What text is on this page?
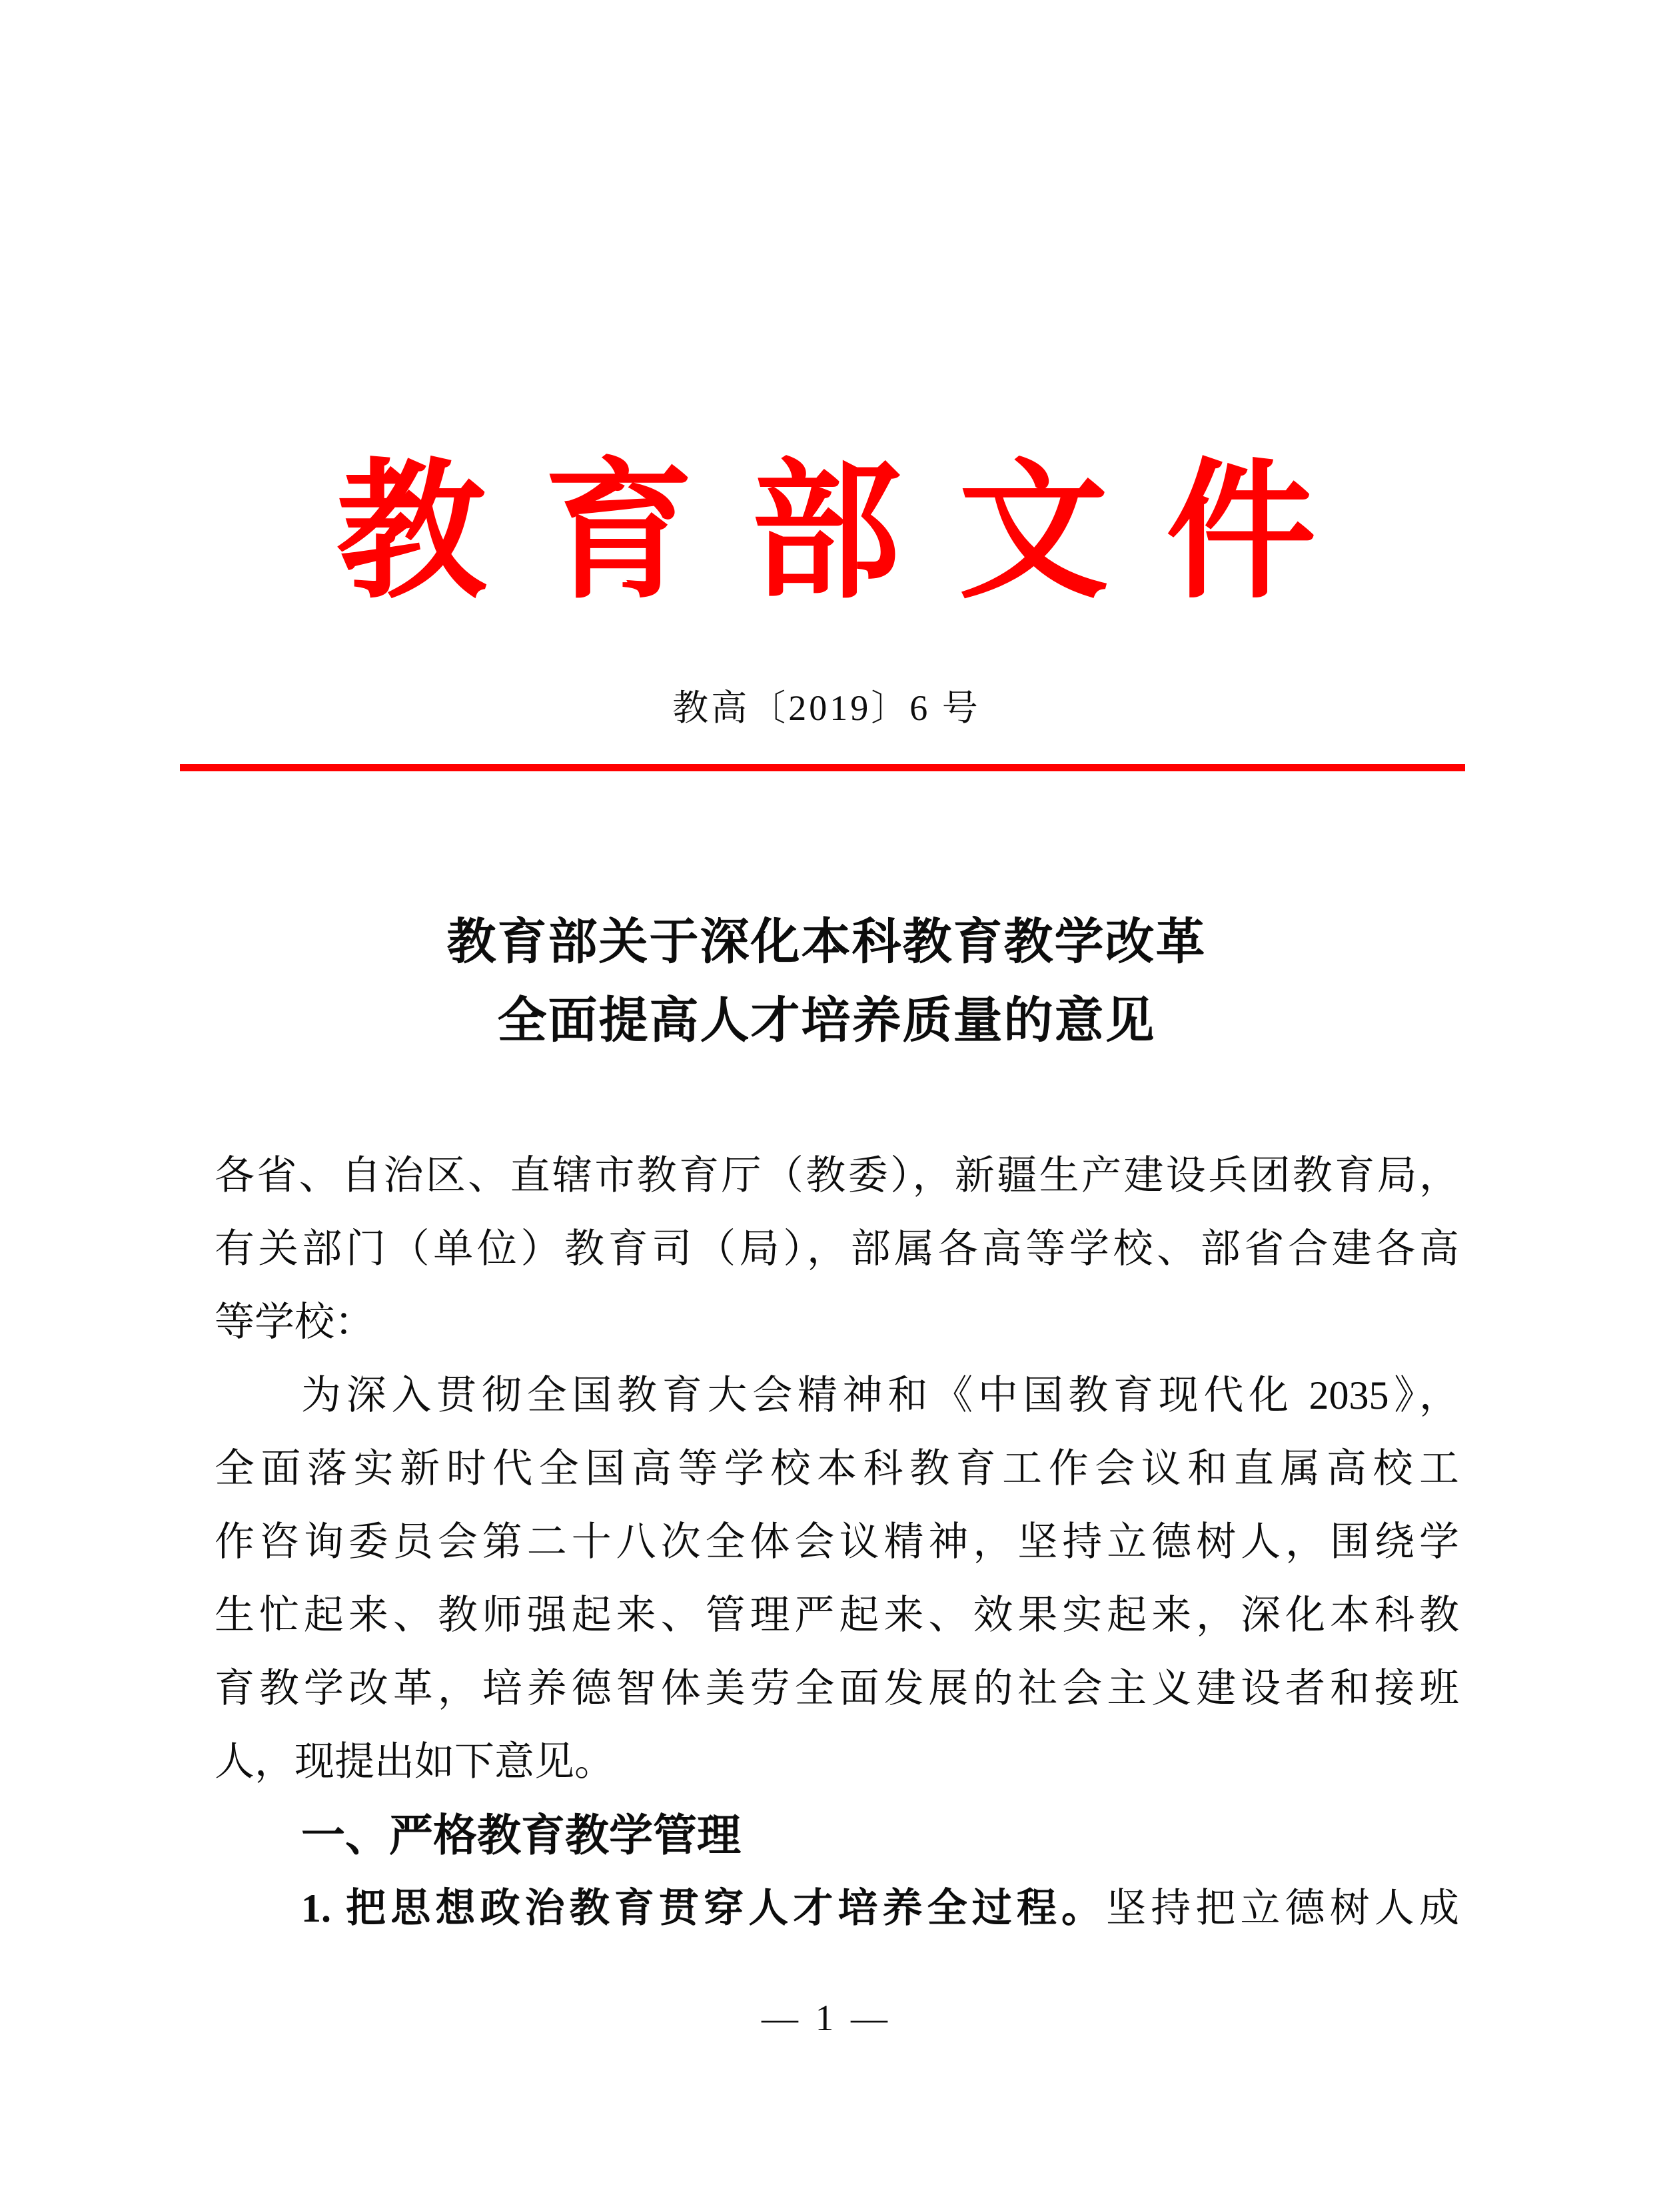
教 育 部 文 件
教高〔2019〕6 号
教育部关于深化本科教育教学改革
全面提高人才培养质量的意见
各省、自治区、直辖市教育厅（教委），新疆生产建设兵团教育局，
有关部门（单位）教育司（局），部属各高等学校、部省合建各高
等学校：
为深入贯彻全国教育大会精神和《中国教育现代化 2035》，
全面落实新时代全国高等学校本科教育工作会议和直属高校工
作咨询委员会第二十八次全体会议精神，坚持立德树人，围绕学
生忙起来、教师强起来、管理严起来、效果实起来，深化本科教
育教学改革，培养德智体美劳全面发展的社会主义建设者和接班
人，现提出如下意见。
一、严格教育教学管理
1. 把思想政治教育贯穿人才培养全过程。坚持把立德树人成
— 1 —
